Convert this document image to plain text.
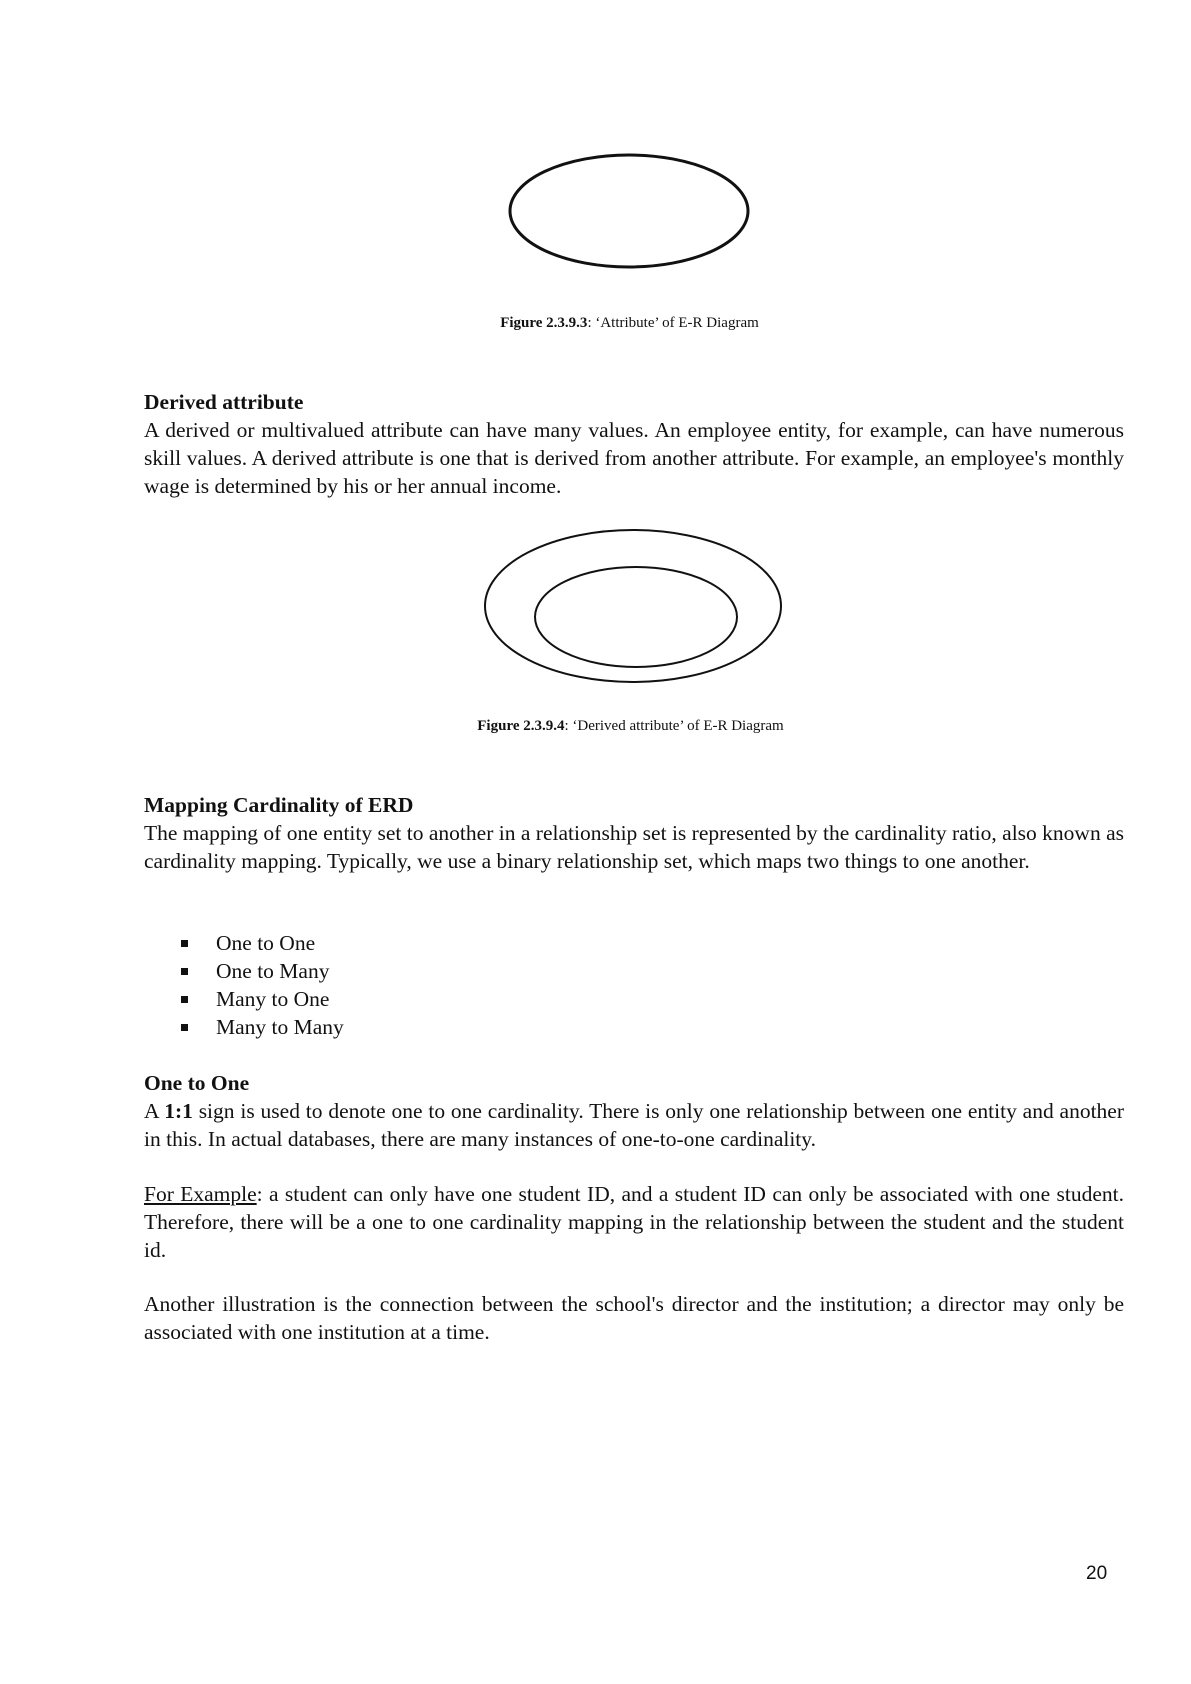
Figure 2.3.9.3: ‘Attribute’ of E-R Diagram
Derived attribute
A derived or multivalued attribute can have many values. An employee entity, for example, can have numerous skill values. A derived attribute is one that is derived from another attribute. For example, an employee's monthly wage is determined by his or her annual income.
Figure 2.3.9.4: ‘Derived attribute’ of E-R Diagram
Mapping Cardinality of ERD
The mapping of one entity set to another in a relationship set is represented by the cardinality ratio, also known as cardinality mapping. Typically, we use a binary relationship set, which maps two things to one another.
One to One
One to Many
Many to One
Many to Many
One to One
A 1:1 sign is used to denote one to one cardinality. There is only one relationship between one entity and another in this. In actual databases, there are many instances of one-to-one cardinality.
For Example: a student can only have one student ID, and a student ID can only be associated with one student. Therefore, there will be a one to one cardinality mapping in the relationship between the student and the student id.
Another illustration is the connection between the school's director and the institution; a director may only be associated with one institution at a time.
20
